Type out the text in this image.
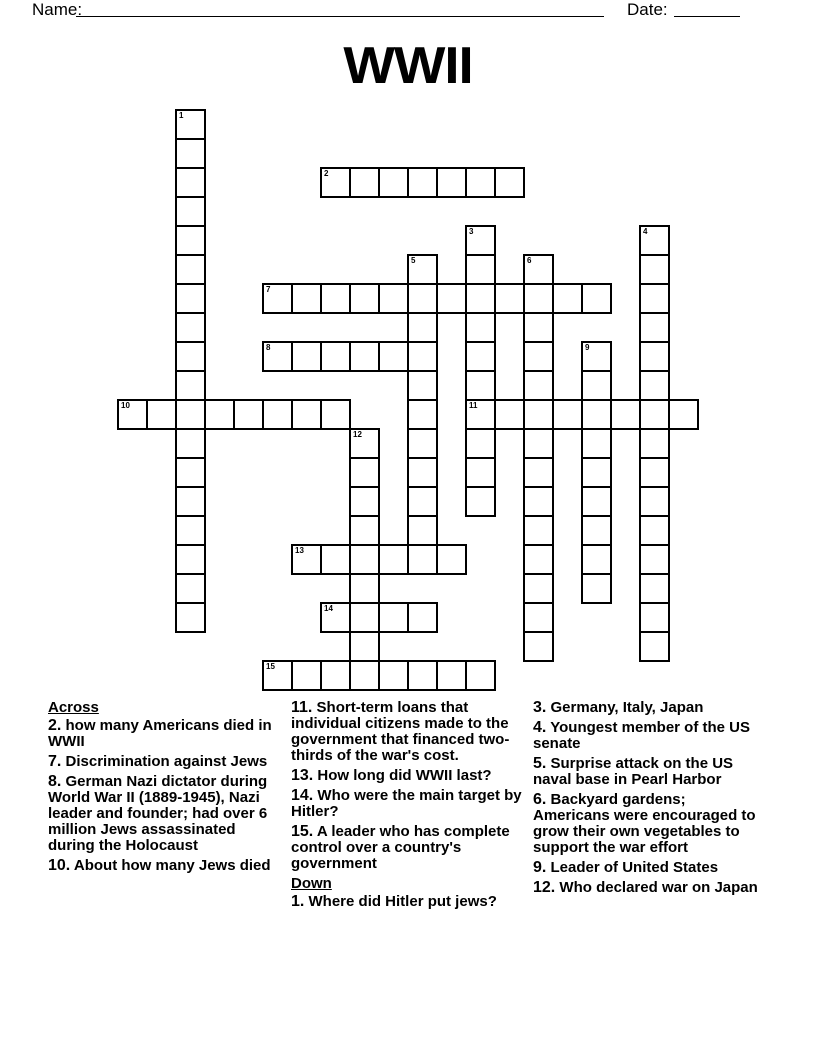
Name:	Date:
WWII
1
2
3
11
4
5	6
7
8	9
10
12
13
14
15
Across
2. how many Americans died in WWII
7. Discrimination against Jews
8. German Nazi dictator during World War II (1889-1945), Nazi leader and founder; had over 6 million Jews assassinated during the Holocaust
10. About how many Jews died
11. Short-term loans that individual citizens made to the government that financed two-thirds of the war's cost.
13. How long did WWII last?
14. Who were the main target by Hitler?
15. A leader who has complete control over a country's government
Down
1. Where did Hitler put jews?
3. Germany, Italy, Japan
4. Youngest member of the US senate
5. Surprise attack on the US naval base in Pearl Harbor
6. Backyard gardens; Americans were encouraged to grow their own vegetables to support the war effort
9. Leader of United States
12. Who declared war on Japan
